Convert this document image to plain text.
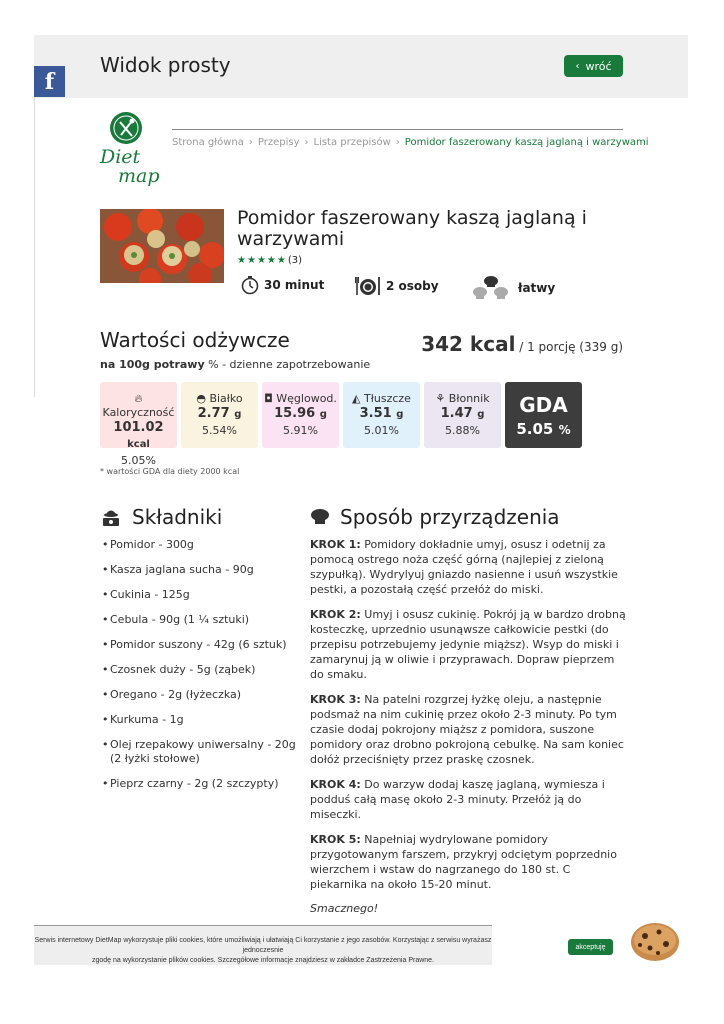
Widok prosty	‹ wróć
f
Diet
map
Strona główna › Przepisy › Lista przepisów › Pomidor faszerowany kaszą jaglaną i warzywami
Pomidor faszerowany kaszą jaglaną i warzywami
★ ★ ★ ★ ★ (3)
30 minut	2 osoby	łatwy
Wartości odżywcze
na 100g potrawy % - dzienne zapotrzebowanie
342 kcal / 1 porcję (339 g)
🔥︎
Kaloryczność
101.02 kcal
5.05%
◓ Białko
2.77 g
5.54%
◘ Węglowod.
15.96 g
5.91%
◭ Tłuszcze
3.51 g
5.01%
⚘ Błonnik
1.47 g
5.88%
GDA
5.05 %
* wartości GDA dla diety 2000 kcal
Składniki
• Pomidor - 300g
• Kasza jaglana sucha - 90g
• Cukinia - 125g
• Cebula - 90g (1 ¼ sztuki)
• Pomidor suszony - 42g (6 sztuk)
• Czosnek duży - 5g (ząbek)
• Oregano - 2g (łyżeczka)
• Kurkuma - 1g
• Olej rzepakowy uniwersalny - 20g (2 łyżki stołowe)
• Pieprz czarny - 2g (2 szczypty)
Sposób przyrządzenia
KROK 1: Pomidory dokładnie umyj, osusz i odetnij za pomocą ostrego noża część górną (najlepiej z zieloną szypułką). Wydrylyuj gniazdo nasienne i usuń wszystkie pestki, a pozostałą część przełóż do miski.
KROK 2: Umyj i osusz cukinię. Pokrój ją w bardzo drobną kosteczkę, uprzednio usunąwsze całkowicie pestki (do przepisu potrzebujemy jedynie miąższ). Wsyp do miski i zamarynuj ją w oliwie i przyprawach. Dopraw pieprzem do smaku.
KROK 3: Na patelni rozgrzej łyżkę oleju, a następnie podsmaż na nim cukinię przez około 2-3 minuty. Po tym czasie dodaj pokrojony miąższ z pomidora, suszone pomidory oraz drobno pokrojoną cebulkę. Na sam koniec dołóż przeciśnięty przez praskę czosnek.
KROK 4: Do warzyw dodaj kaszę jaglaną, wymiesza i podduś całą masę około 2-3 minuty. Przełóż ją do miseczki.
KROK 5: Napełniaj wydrylowane pomidory przygotowanym farszem, przykryj odciętym poprzednio wierzchem i wstaw do nagrzanego do 180 st. C piekarnika na około 15-20 minut.
Smacznego!
Serwis internetowy DietMap wykorzystuje pliki cookies, które umożliwiają i ułatwiają Ci korzystanie z jego zasobów. Korzystając z serwisu wyrażasz jednoczesnie
zgodę na wykorzystanie plików cookies. Szczegółowe informacje znajdziesz w zakładce Zastrzeżenia Prawne.
akceptuję
